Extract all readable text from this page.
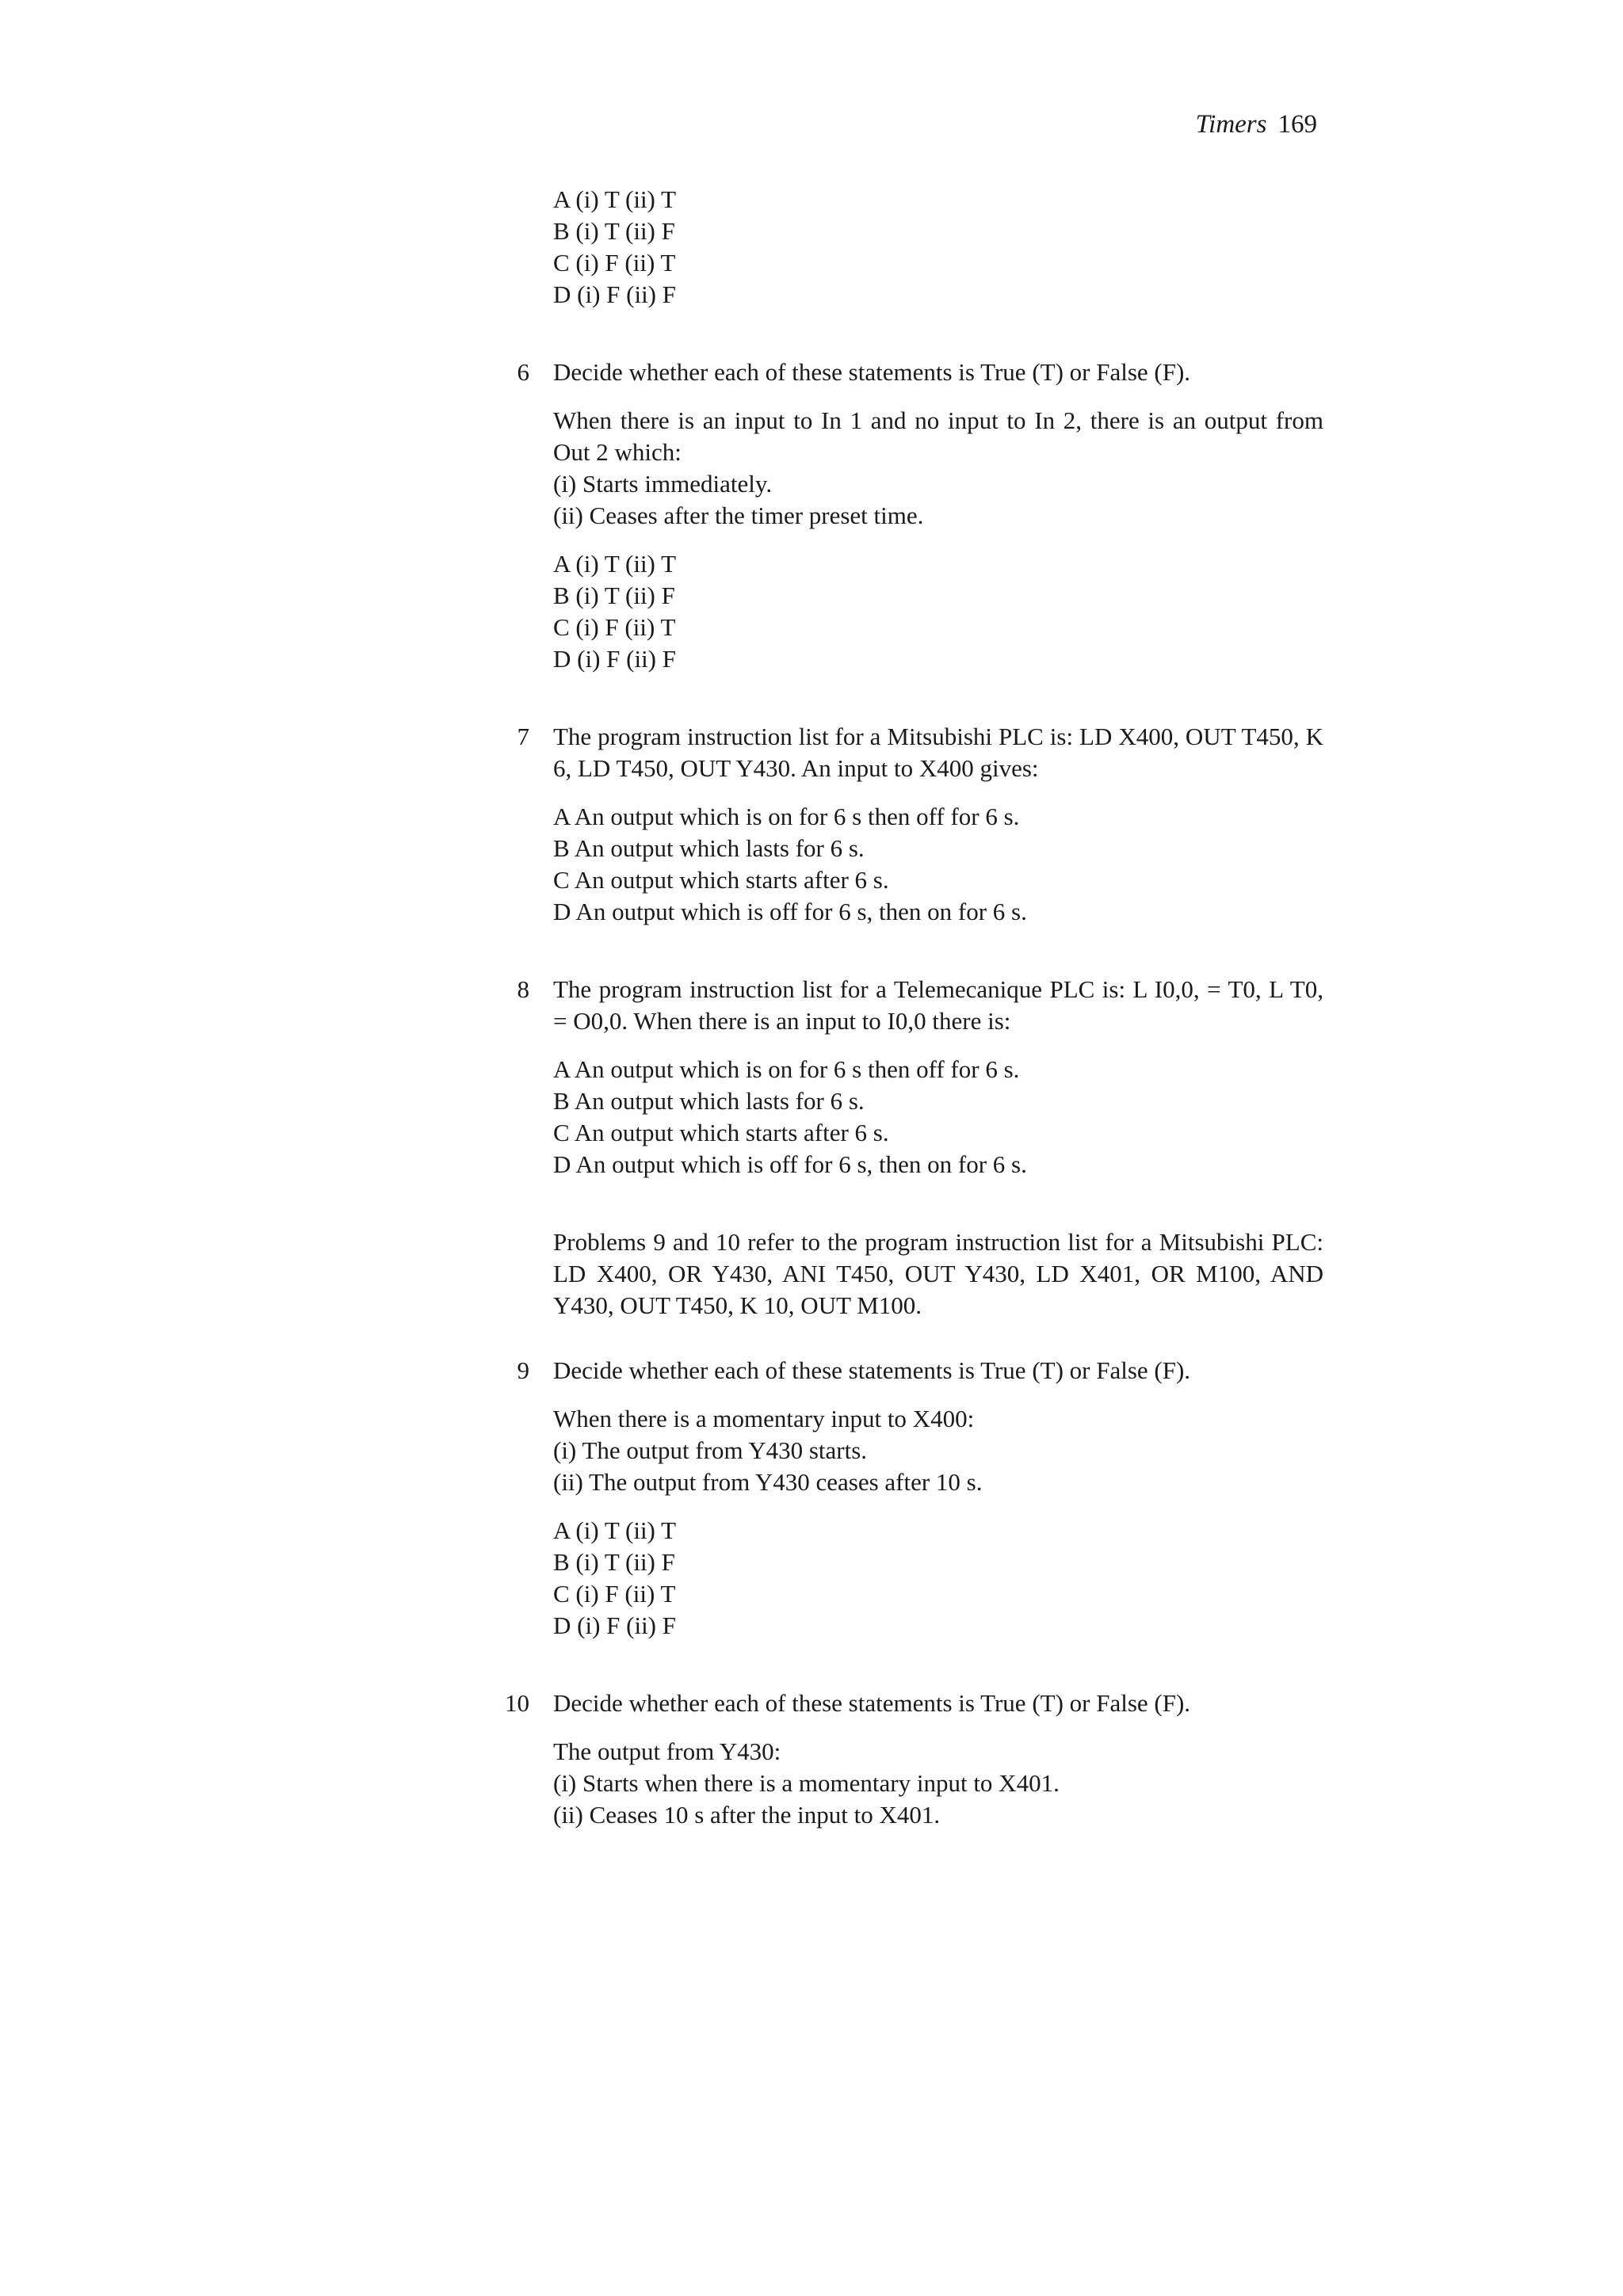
Timers 169
A (i) T (ii) T
B (i) T (ii) F
C (i) F (ii) T
D (i) F (ii) F
6 Decide whether each of these statements is True (T) or False (F).
When there is an input to In 1 and no input to In 2, there is an output from Out 2 which:
(i) Starts immediately.
(ii) Ceases after the timer preset time.
A (i) T (ii) T
B (i) T (ii) F
C (i) F (ii) T
D (i) F (ii) F
7 The program instruction list for a Mitsubishi PLC is: LD X400, OUT T450, K 6, LD T450, OUT Y430. An input to X400 gives:
A An output which is on for 6 s then off for 6 s.
B An output which lasts for 6 s.
C An output which starts after 6 s.
D An output which is off for 6 s, then on for 6 s.
8 The program instruction list for a Telemecanique PLC is: L I0,0, = T0, L T0, = O0,0. When there is an input to I0,0 there is:
A An output which is on for 6 s then off for 6 s.
B An output which lasts for 6 s.
C An output which starts after 6 s.
D An output which is off for 6 s, then on for 6 s.
Problems 9 and 10 refer to the program instruction list for a Mitsubishi PLC: LD X400, OR Y430, ANI T450, OUT Y430, LD X401, OR M100, AND Y430, OUT T450, K 10, OUT M100.
9 Decide whether each of these statements is True (T) or False (F).
When there is a momentary input to X400:
(i) The output from Y430 starts.
(ii) The output from Y430 ceases after 10 s.
A (i) T (ii) T
B (i) T (ii) F
C (i) F (ii) T
D (i) F (ii) F
10 Decide whether each of these statements is True (T) or False (F).
The output from Y430:
(i) Starts when there is a momentary input to X401.
(ii) Ceases 10 s after the input to X401.
